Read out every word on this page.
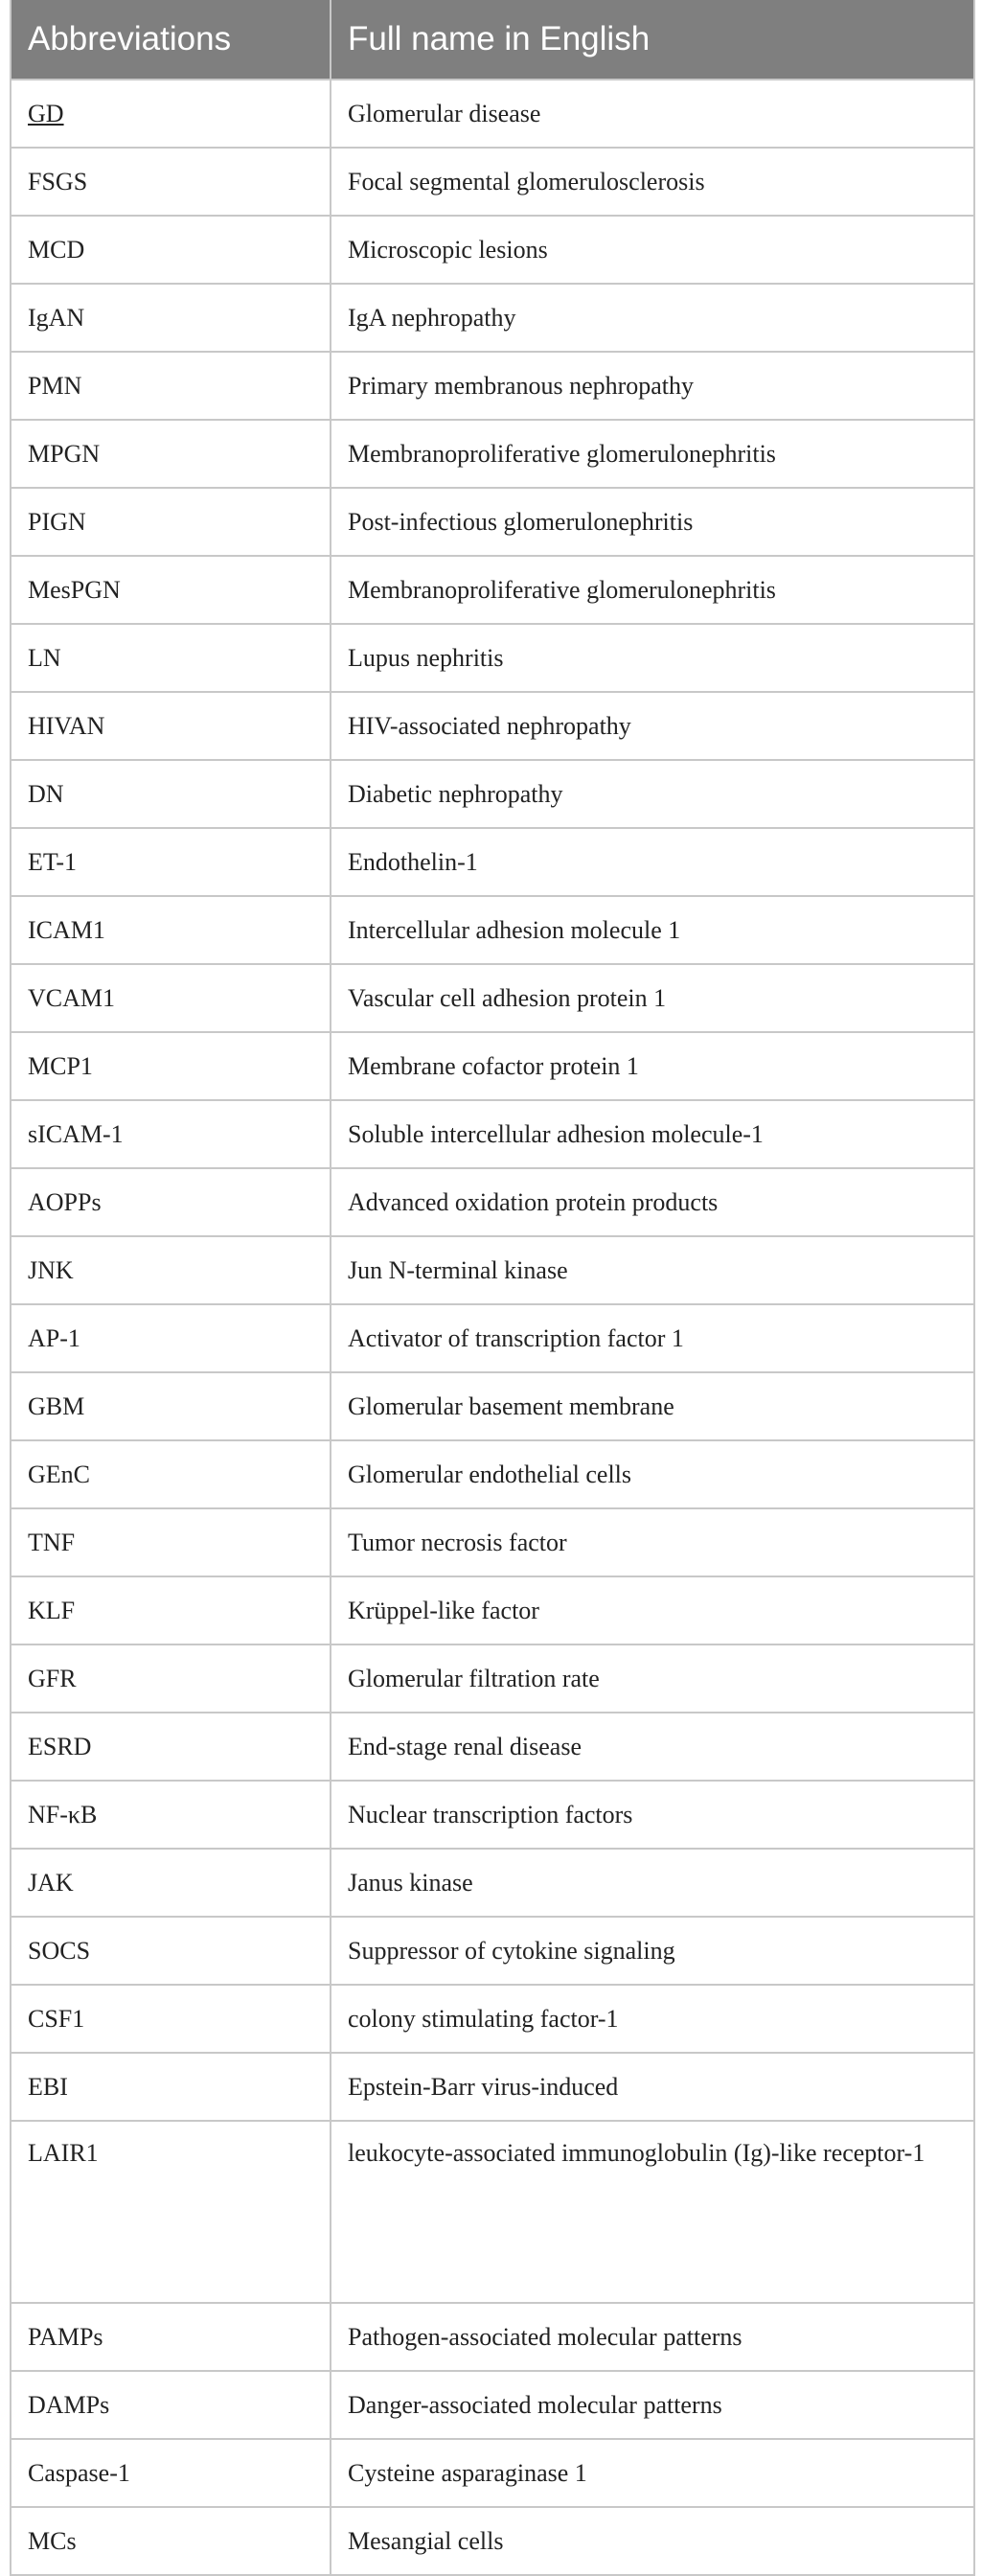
Abbreviations	Full name in English
GD	Glomerular disease
FSGS	Focal segmental glomerulosclerosis
MCD	Microscopic lesions
IgAN	IgA nephropathy
PMN	Primary membranous nephropathy
MPGN	Membranoproliferative glomerulonephritis
PIGN	Post-infectious glomerulonephritis
MesPGN	Membranoproliferative glomerulonephritis
LN	Lupus nephritis
HIVAN	HIV-associated nephropathy
DN	Diabetic nephropathy
ET-1	Endothelin-1
ICAM1	Intercellular adhesion molecule 1
VCAM1	Vascular cell adhesion protein 1
MCP1	Membrane cofactor protein 1
sICAM-1	Soluble intercellular adhesion molecule-1
AOPPs	Advanced oxidation protein products
JNK	Jun N-terminal kinase
AP-1	Activator of transcription factor 1
GBM	Glomerular basement membrane
GEnC	Glomerular endothelial cells
TNF	Tumor necrosis factor
KLF	Krüppel-like factor
GFR	Glomerular filtration rate
ESRD	End-stage renal disease
NF-κB	Nuclear transcription factors
JAK	Janus kinase
SOCS	Suppressor of cytokine signaling
CSF1	colony stimulating factor-1
EBI	Epstein-Barr virus-induced
LAIR1	leukocyte-associated immunoglobulin (Ig)-like receptor-1
PAMPs	Pathogen-associated molecular patterns
DAMPs	Danger-associated molecular patterns
Caspase-1	Cysteine asparaginase 1
MCs	Mesangial cells
